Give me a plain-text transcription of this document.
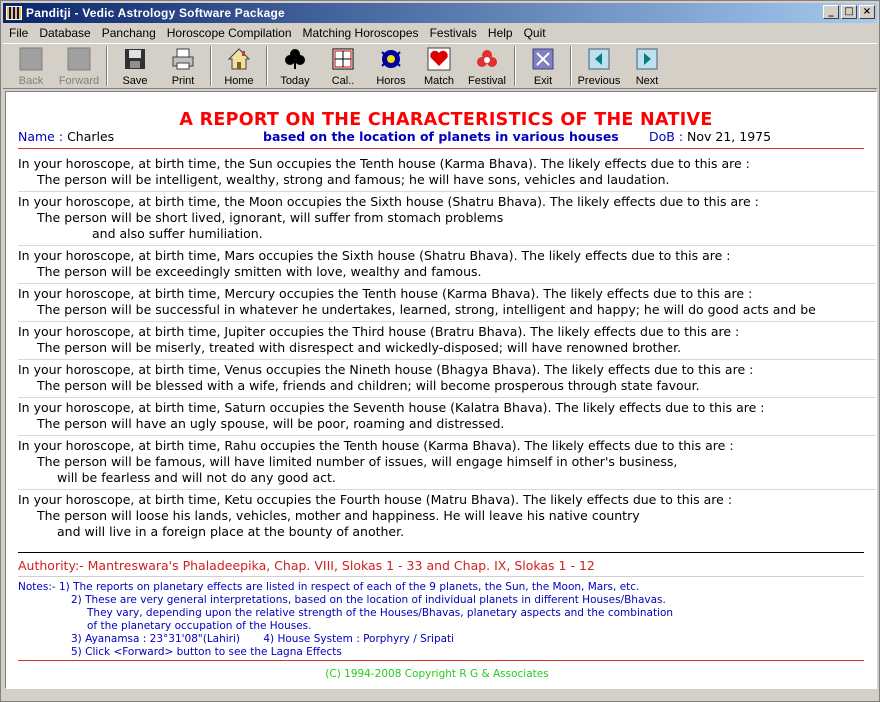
Panditji - Vedic Astrology Software Package	_	□ ×
File Database Panchang Horoscope Compilation Matching Horoscopes Festivals Help Quit
Back Forward Save Print	Home Today Cal.. Horos Match Festival	Exit Previous Next
A REPORT ON THE CHARACTERISTICS OF THE NATIVE
Name : Charles	based on the location of planets in various houses DoB : Nov 21, 1975
In your horoscope, at birth time, the Sun occupies the Tenth house (Karma Bhava). The likely effects due to this are :
The person will be intelligent, wealthy, strong and famous; he will have sons, vehicles and laudation.
In your horoscope, at birth time, the Moon occupies the Sixth house (Shatru Bhava). The likely effects due to this are :
The person will be short lived, ignorant, will suffer from stomach problems
and also suffer humiliation.
In your horoscope, at birth time, Mars occupies the Sixth house (Shatru Bhava). The likely effects due to this are :
The person will be exceedingly smitten with love, wealthy and famous.
In your horoscope, at birth time, Mercury occupies the Tenth house (Karma Bhava). The likely effects due to this are :
The person will be successful in whatever he undertakes, learned, strong, intelligent and happy; he will do good acts and be
In your horoscope, at birth time, Jupiter occupies the Third house (Bratru Bhava). The likely effects due to this are :
The person will be miserly, treated with disrespect and wickedly-disposed; will have renowned brother.
In your horoscope, at birth time, Venus occupies the Nineth house (Bhagya Bhava). The likely effects due to this are :
The person will be blessed with a wife, friends and children; will become prosperous through state favour.
In your horoscope, at birth time, Saturn occupies the Seventh house (Kalatra Bhava). The likely effects due to this are :
The person will have an ugly spouse, will be poor, roaming and distressed.
In your horoscope, at birth time, Rahu occupies the Tenth house (Karma Bhava). The likely effects due to this are :
The person will be famous, will have limited number of issues, will engage himself in other's business,
will be fearless and will not do any good act.
In your horoscope, at birth time, Ketu occupies the Fourth house (Matru Bhava). The likely effects due to this are :
The person will loose his lands, vehicles, mother and happiness. He will leave his native country
and will live in a foreign place at the bounty of another.
Authority:- Mantreswara's Phaladeepika, Chap. VIII, Slokas 1 - 33 and Chap. IX, Slokas 1 - 12
Notes:- 1) The reports on planetary effects are listed in respect of each of the 9 planets, the Sun, the Moon, Mars, etc.
2) These are very general interpretations, based on the location of individual planets in different Houses/Bhavas.
They vary, depending upon the relative strength of the Houses/Bhavas, planetary aspects and the combination
of the planetary occupation of the Houses.
3) Ayanamsa : 23°31'08"(Lahiri)       4) House System : Porphyry / Sripati
5) Click <Forward> button to see the Lagna Effects
(C) 1994-2008 Copyright R G & Associates
